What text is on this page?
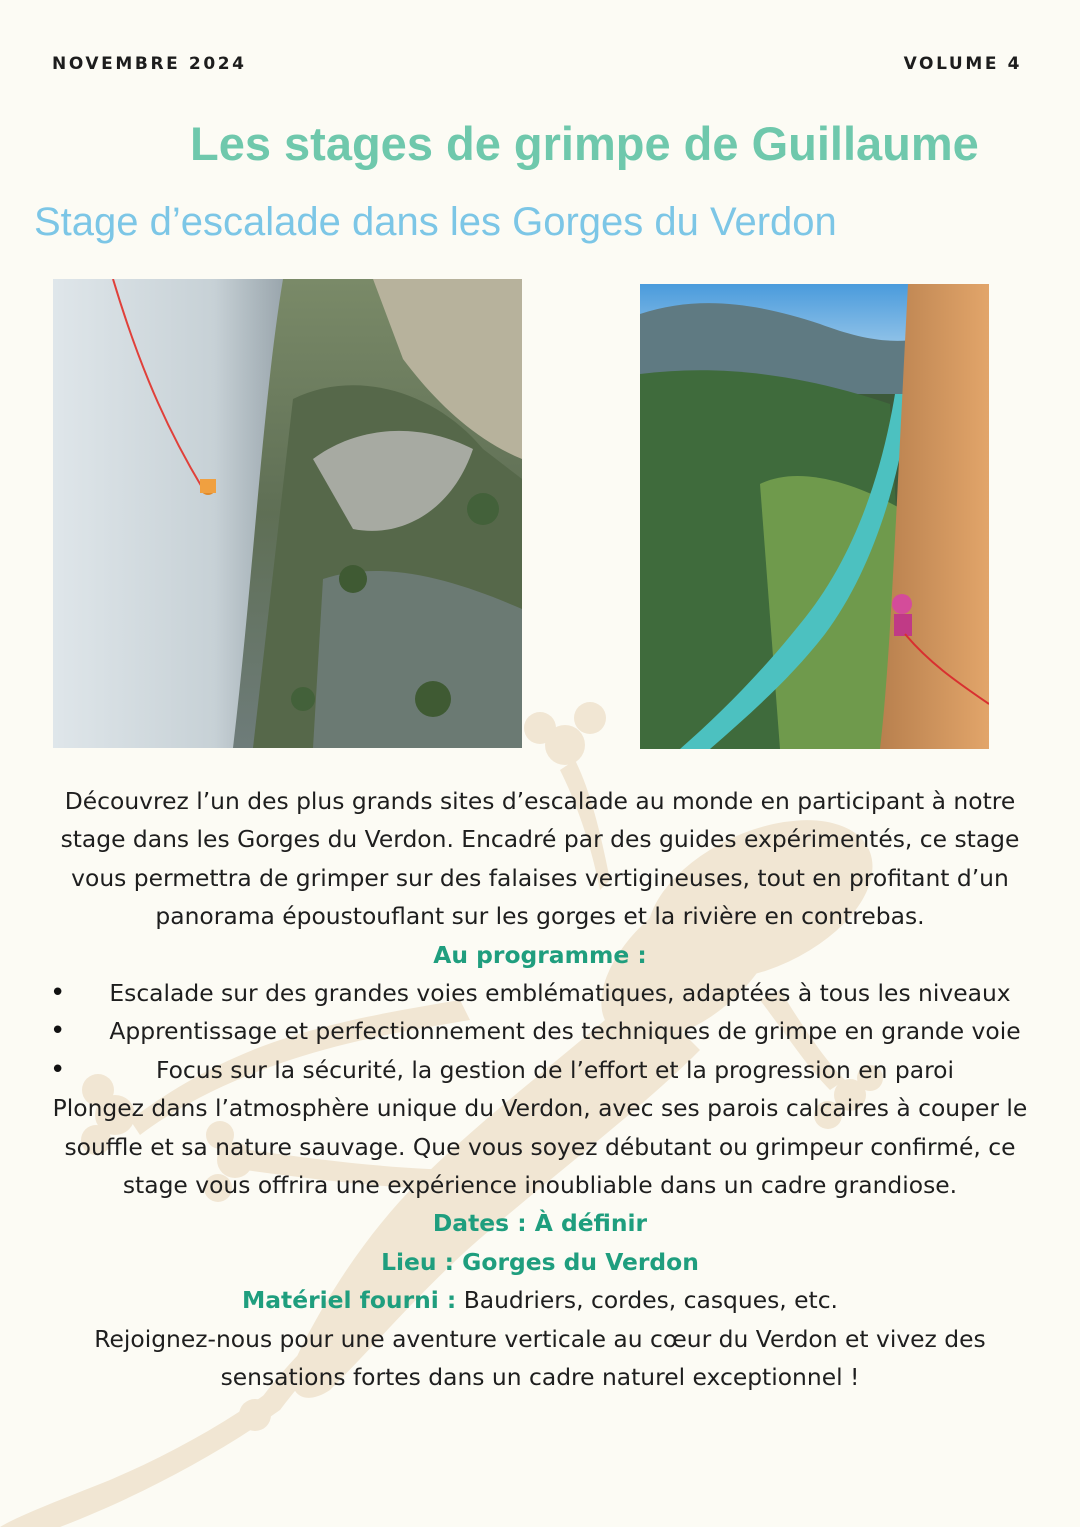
NOVEMBRE 2024	VOLUME 4
Les stages de grimpe de Guillaume
Stage d’escalade dans les Gorges du Verdon

Découvrez l’un des plus grands sites d’escalade au monde en participant à notre stage dans les Gorges du Verdon. Encadré par des guides expérimentés, ce stage vous permettra de grimper sur des falaises vertigineuses, tout en profitant d’un panorama époustouflant sur les gorges et la rivière en contrebas.

Au programme :

• Escalade sur des grandes voies emblématiques, adaptées à tous les niveaux
• Apprentissage et perfectionnement des techniques de grimpe en grande voie
• Focus sur la sécurité, la gestion de l’effort et la progression en paroi

Plongez dans l’atmosphère unique du Verdon, avec ses parois calcaires à couper le souffle et sa nature sauvage. Que vous soyez débutant ou grimpeur confirmé, ce stage vous offrira une expérience inoubliable dans un cadre grandiose.

Dates : À définir

Lieu : Gorges du Verdon

Matériel fourni : Baudriers, cordes, casques, etc.

Rejoignez-nous pour une aventure verticale au cœur du Verdon et vivez des sensations fortes dans un cadre naturel exceptionnel !
